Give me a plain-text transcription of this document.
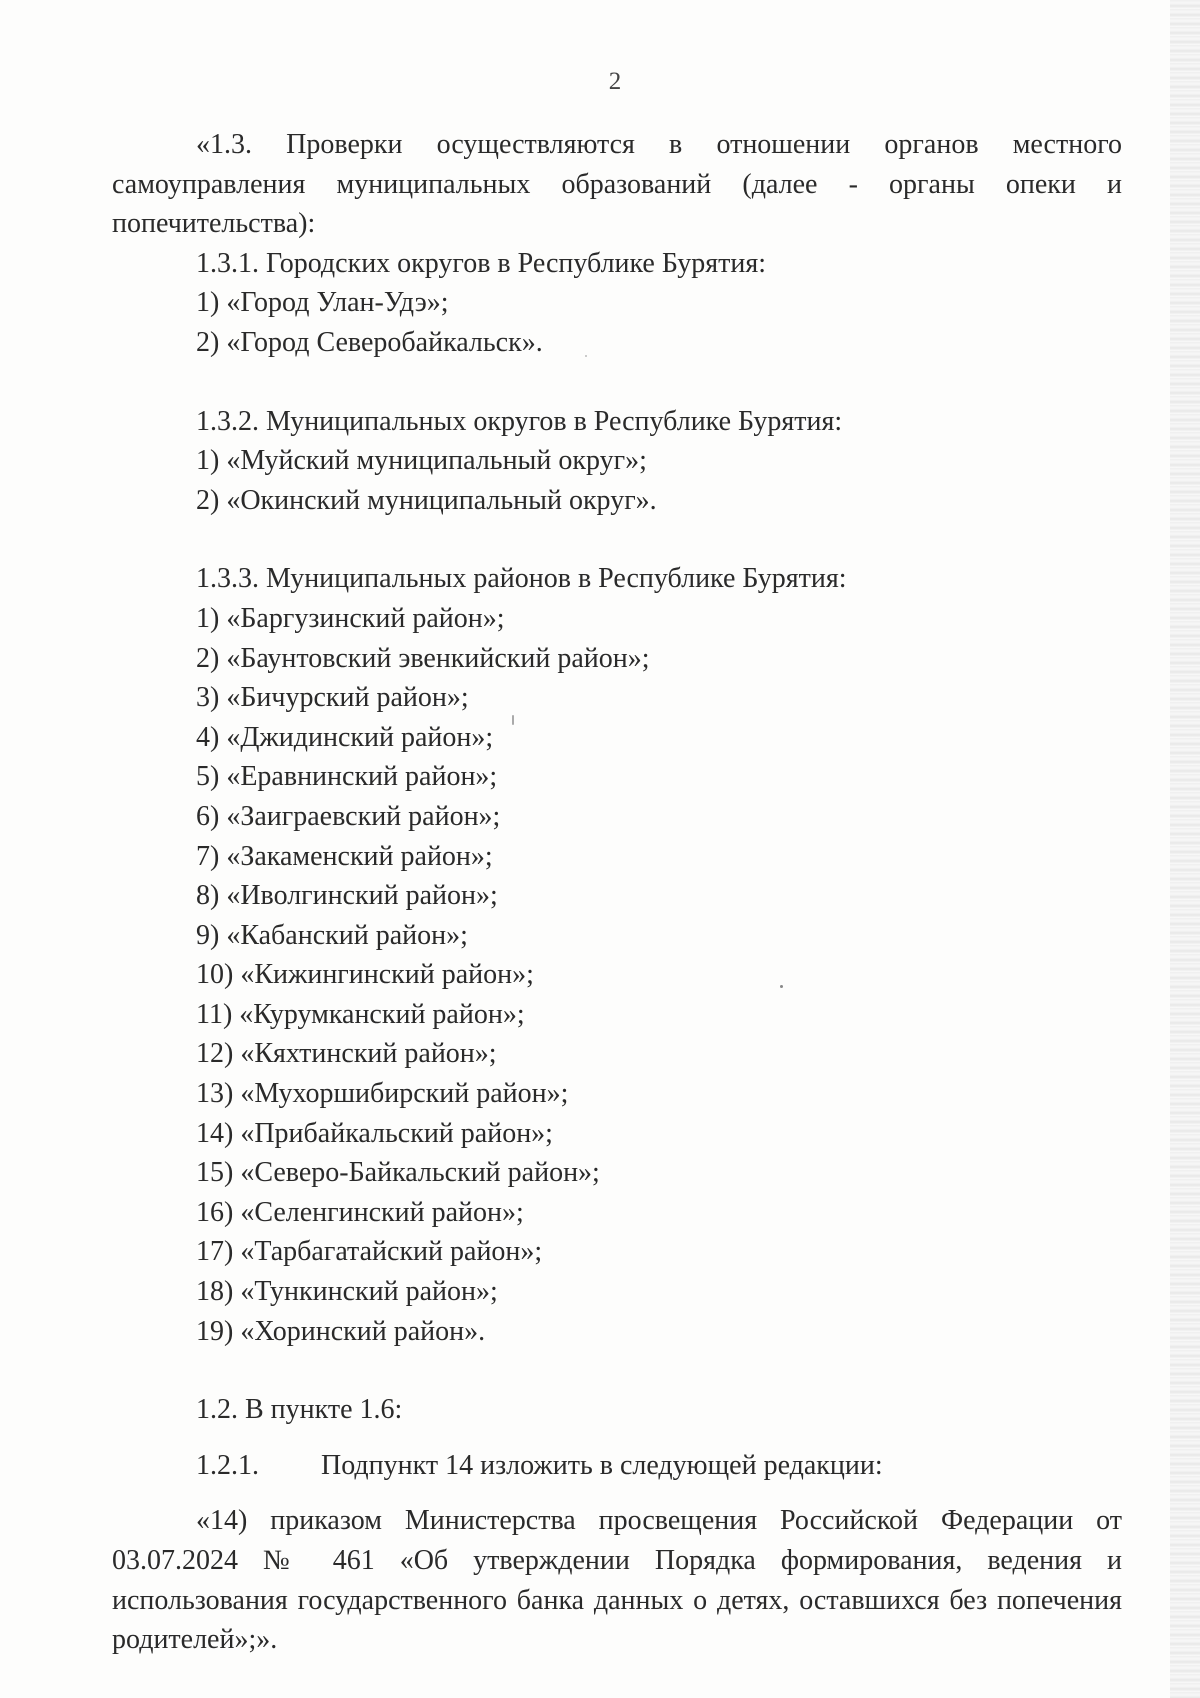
2

«1.3. Проверки осуществляются в отношении органов местного самоуправления муниципальных образований (далее - органы опеки и попечительства):

1.3.1. Городских округов в Республике Бурятия:

1) «Город Улан-Удэ»;

2) «Город Северобайкальск».

1.3.2. Муниципальных округов в Республике Бурятия:

1) «Муйский муниципальный округ»;

2) «Окинский муниципальный округ».

1.3.3. Муниципальных районов в Республике Бурятия:

1) «Баргузинский район»;

2) «Баунтовский эвенкийский район»;

3) «Бичурский район»;

4) «Джидинский район»;

5) «Еравнинский район»;

6) «Заиграевский район»;

7) «Закаменский район»;

8) «Иволгинский район»;

9) «Кабанский район»;

10) «Кижингинский район»;

11) «Курумканский район»;

12) «Кяхтинский район»;

13) «Мухоршибирский район»;

14) «Прибайкальский район»;

15) «Северо-Байкальский район»;

16) «Селенгинский район»;

17) «Тарбагатайский район»;

18) «Тункинский район»;

19) «Хоринский район».

1.2. В пункте 1.6:

1.2.1. Подпункт 14 изложить в следующей редакции:

«14) приказом Министерства просвещения Российской Федерации от 03.07.2024 № 461 «Об утверждении Порядка формирования, ведения и использования государственного банка данных о детях, оставшихся без попечения родителей»;».
